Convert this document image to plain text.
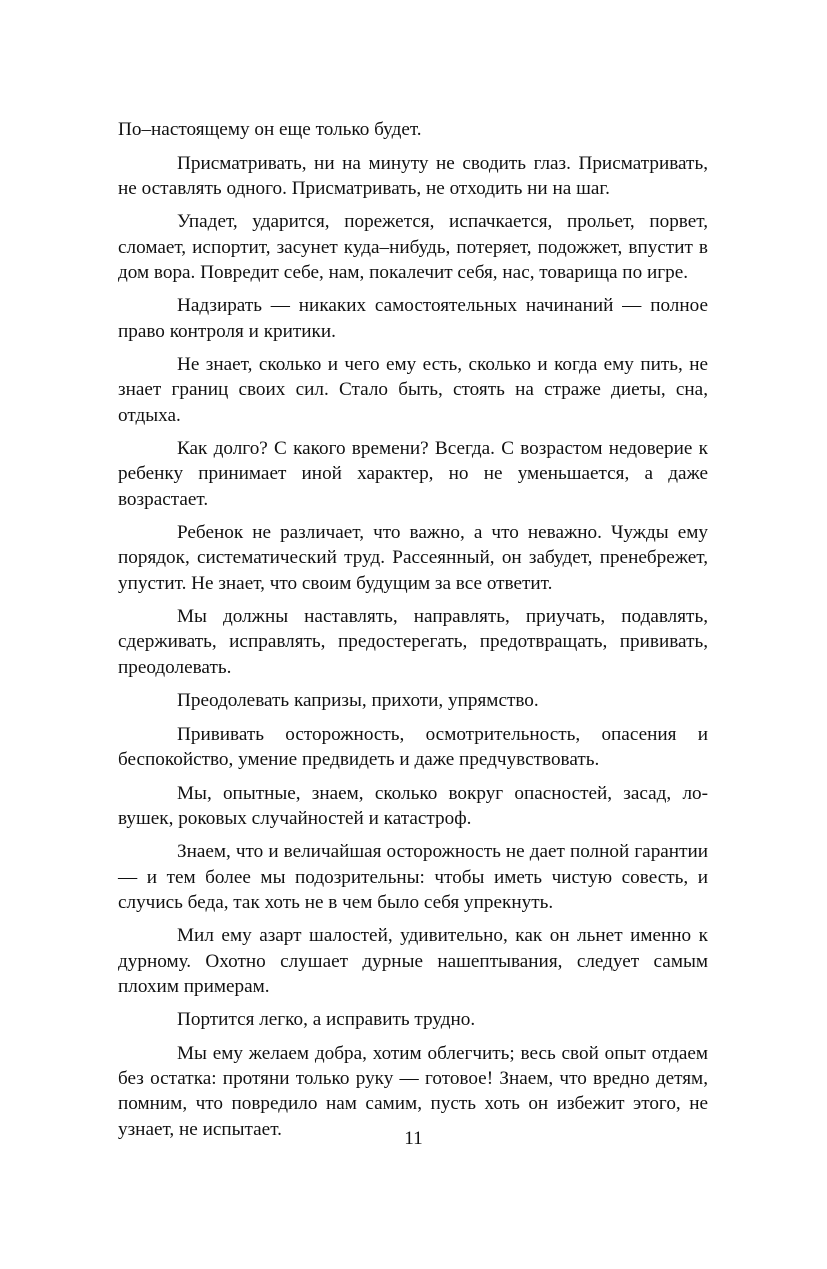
По–настоящему он еще только будет.

Присматривать, ни на минуту не сводить глаз. Присматривать, не оставлять одного. Присматривать, не отходить ни на шаг.

Упадет, ударится, порежется, испачкается, прольет, порвет, сломает, испортит, засунет куда–нибудь, потеряет, подожжет, впустит в дом вора. Повредит себе, нам, покалечит себя, нас, товарища по игре.

Надзирать — никаких самостоятельных начинаний — полное право контроля и критики.

Не знает, сколько и чего ему есть, сколько и когда ему пить, не знает границ своих сил. Стало быть, стоять на страже диеты, сна, отдыха.

Как долго? С какого времени? Всегда. С возрастом недоверие к ребенку принимает иной характер, но не уменьшается, а даже возрастает.

Ребенок не различает, что важно, а что неважно. Чужды ему порядок, систематический труд. Рассеянный, он забудет, пренебрежет, упустит. Не знает, что своим будущим за все ответит.

Мы должны наставлять, направлять, приучать, подавлять, сдерживать, исправлять, предостерегать, предотвращать, прививать, преодолевать.

Преодолевать капризы, прихоти, упрямство.

Прививать осторожность, осмотрительность, опасения и беспокойство, умение предвидеть и даже предчувствовать.

Мы, опытные, знаем, сколько вокруг опасностей, засад, ловушек, роковых случайностей и катастроф.

Знаем, что и величайшая осторожность не дает полной гарантии — и тем более мы подозрительны: чтобы иметь чистую совесть, и случись беда, так хоть не в чем было себя упрекнуть.

Мил ему азарт шалостей, удивительно, как он льнет именно к дурному. Охотно слушает дурные нашептывания, следует самым плохим примерам.

Портится легко, а исправить трудно.

Мы ему желаем добра, хотим облегчить; весь свой опыт отдаем без остатка: протяни только руку — готовое! Знаем, что вредно детям, помним, что повредило нам самим, пусть хоть он избежит этого, не узнает, не испытает.	11
